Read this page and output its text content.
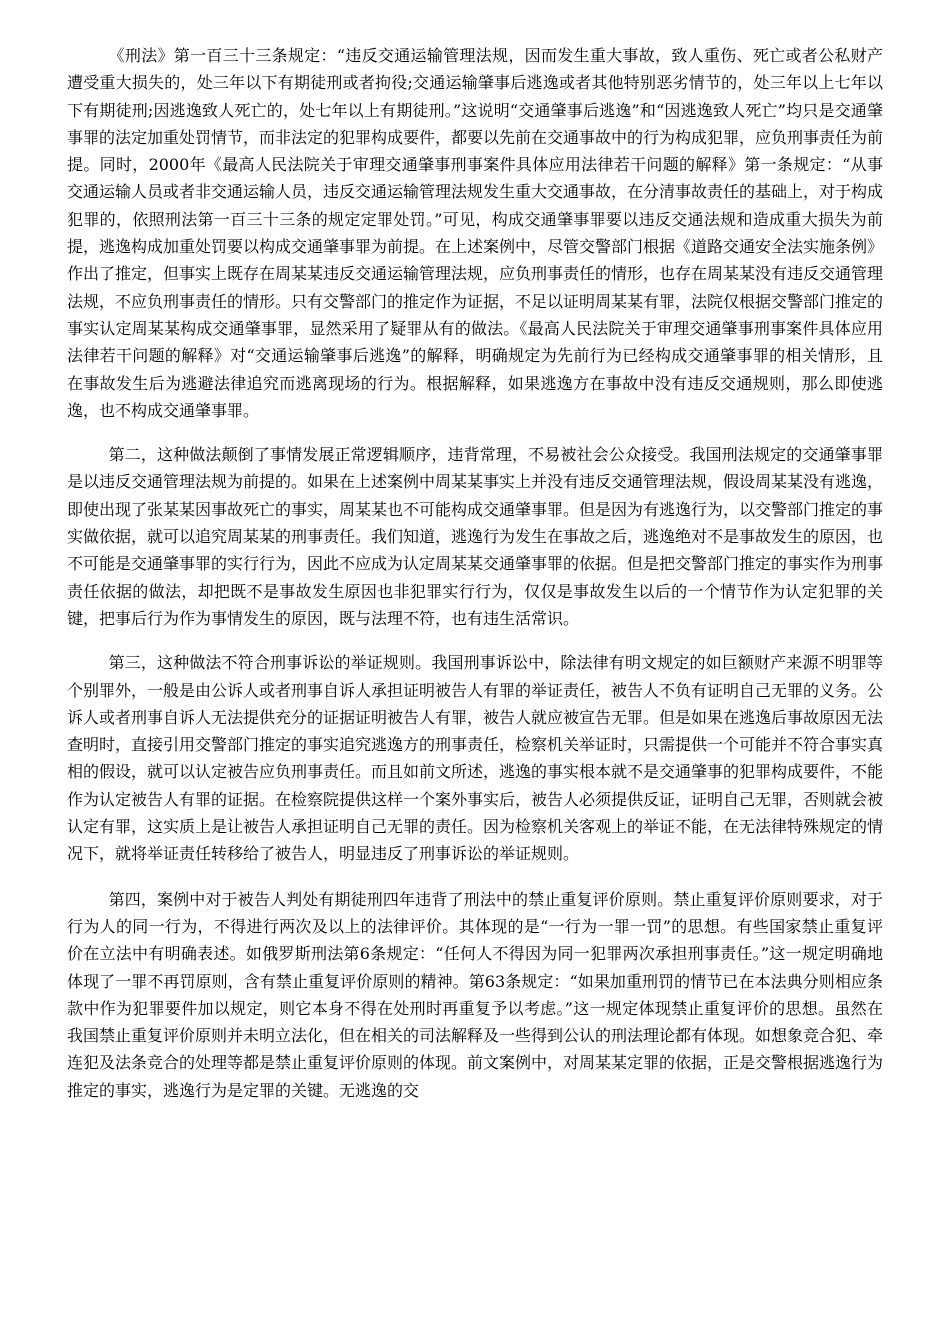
《刑法》第一百三十三条规定：“违反交通运输管理法规，因而发生重大事故，致人重伤、死亡或者公私财产遭受重大损失的，处三年以下有期徒刑或者拘役;交通运输肇事后逃逸或者其他特别恶劣情节的，处三年以上七年以下有期徒刑;因逃逸致人死亡的，处七年以上有期徒刑。”这说明“交通肇事后逃逸”和“因逃逸致人死亡”均只是交通肇事罪的法定加重处罚情节，而非法定的犯罪构成要件，都要以先前在交通事故中的行为构成犯罪，应负刑事责任为前提。同时，2000年《最高人民法院关于审理交通肇事刑事案件具体应用法律若干问题的解释》第一条规定：“从事交通运输人员或者非交通运输人员，违反交通运输管理法规发生重大交通事故，在分清事故责任的基础上，对于构成犯罪的，依照刑法第一百三十三条的规定定罪处罚。”可见，构成交通肇事罪要以违反交通法规和造成重大损失为前提，逃逸构成加重处罚要以构成交通肇事罪为前提。在上述案例中，尽管交警部门根据《道路交通安全法实施条例》作出了推定，但事实上既存在周某某违反交通运输管理法规，应负刑事责任的情形，也存在周某某没有违反交通管理法规，不应负刑事责任的情形。只有交警部门的推定作为证据，不足以证明周某某有罪，法院仅根据交警部门推定的事实认定周某某构成交通肇事罪，显然采用了疑罪从有的做法。《最高人民法院关于审理交通肇事刑事案件具体应用法律若干问题的解释》对“交通运输肇事后逃逸”的解释，明确规定为先前行为已经构成交通肇事罪的相关情形，且在事故发生后为逃避法律追究而逃离现场的行为。根据解释，如果逃逸方在事故中没有违反交通规则，那么即使逃逸，也不构成交通肇事罪。

第二，这种做法颠倒了事情发展正常逻辑顺序，违背常理，不易被社会公众接受。我国刑法规定的交通肇事罪是以违反交通管理法规为前提的。如果在上述案例中周某某事实上并没有违反交通管理法规，假设周某某没有逃逸，即使出现了张某某因事故死亡的事实，周某某也不可能构成交通肇事罪。但是因为有逃逸行为，以交警部门推定的事实做依据，就可以追究周某某的刑事责任。我们知道，逃逸行为发生在事故之后，逃逸绝对不是事故发生的原因，也不可能是交通肇事罪的实行行为，因此不应成为认定周某某交通肇事罪的依据。但是把交警部门推定的事实作为刑事责任依据的做法，却把既不是事故发生原因也非犯罪实行行为，仅仅是事故发生以后的一个情节作为认定犯罪的关键，把事后行为作为事情发生的原因，既与法理不符，也有违生活常识。

第三，这种做法不符合刑事诉讼的举证规则。我国刑事诉讼中，除法律有明文规定的如巨额财产来源不明罪等个别罪外，一般是由公诉人或者刑事自诉人承担证明被告人有罪的举证责任，被告人不负有证明自己无罪的义务。公诉人或者刑事自诉人无法提供充分的证据证明被告人有罪，被告人就应被宣告无罪。但是如果在逃逸后事故原因无法查明时，直接引用交警部门推定的事实追究逃逸方的刑事责任，检察机关举证时，只需提供一个可能并不符合事实真相的假设，就可以认定被告应负刑事责任。而且如前文所述，逃逸的事实根本就不是交通肇事的犯罪构成要件，不能作为认定被告人有罪的证据。在检察院提供这样一个案外事实后，被告人必须提供反证，证明自己无罪，否则就会被认定有罪，这实质上是让被告人承担证明自己无罪的责任。因为检察机关客观上的举证不能，在无法律特殊规定的情况下，就将举证责任转移给了被告人，明显违反了刑事诉讼的举证规则。

第四，案例中对于被告人判处有期徒刑四年违背了刑法中的禁止重复评价原则。禁止重复评价原则要求，对于行为人的同一行为，不得进行两次及以上的法律评价。其体现的是“一行为一罪一罚”的思想。有些国家禁止重复评价在立法中有明确表述。如俄罗斯刑法第6条规定：“任何人不得因为同一犯罪两次承担刑事责任。”这一规定明确地体现了一罪不再罚原则，含有禁止重复评价原则的精神。第63条规定：“如果加重刑罚的情节已在本法典分则相应条款中作为犯罪要件加以规定，则它本身不得在处刑时再重复予以考虑。”这一规定体现禁止重复评价的思想。虽然在我国禁止重复评价原则并未明立法化，但在相关的司法解释及一些得到公认的刑法理论都有体现。如想象竞合犯、牵连犯及法条竞合的处理等都是禁止重复评价原则的体现。前文案例中，对周某某定罪的依据，正是交警根据逃逸行为推定的事实，逃逸行为是定罪的关键。无逃逸的交
